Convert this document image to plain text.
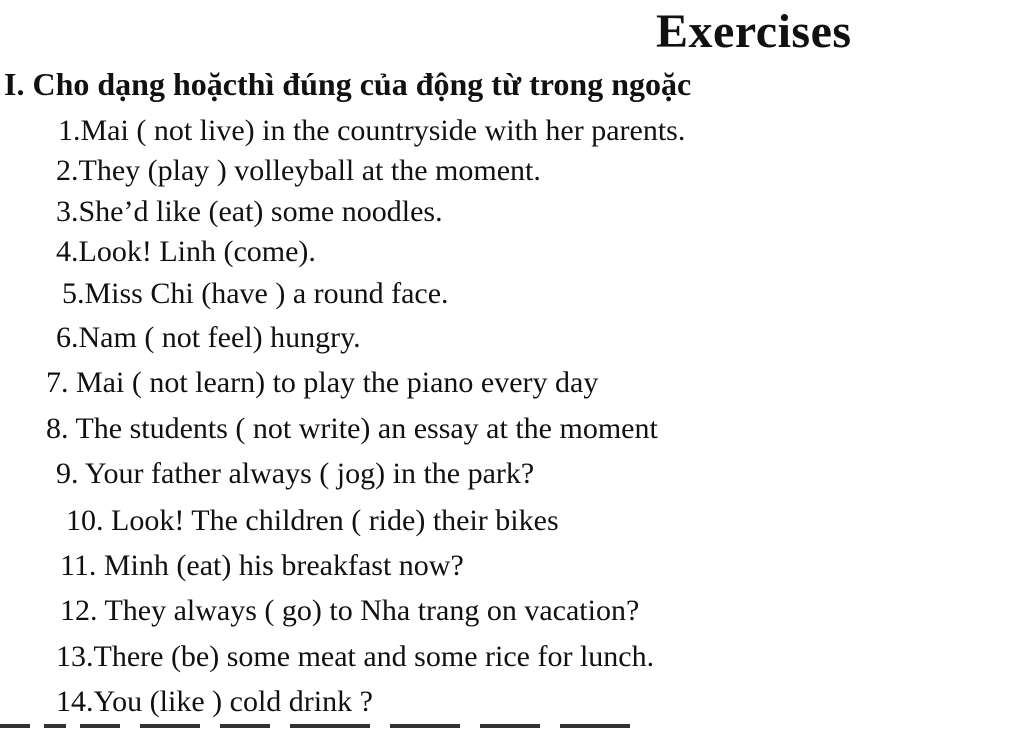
Exercises
I. Cho dạng hoặcthì đúng của động từ trong ngoặc
1.Mai ( not live) in the countryside with her parents.
2.They (play ) volleyball at the moment.
3.She’d like (eat) some noodles.
4.Look! Linh (come).
5.Miss Chi (have ) a round face.
6.Nam ( not feel) hungry.
7. Mai ( not learn) to play the piano every day
8. The students ( not write) an essay at the moment
9. Your father always ( jog) in the park?
10. Look! The children ( ride) their bikes
11. Minh (eat) his breakfast now?
12. They always ( go) to Nha trang on vacation?
13.There (be) some meat and some rice for lunch.
14.You (like ) cold drink ?
